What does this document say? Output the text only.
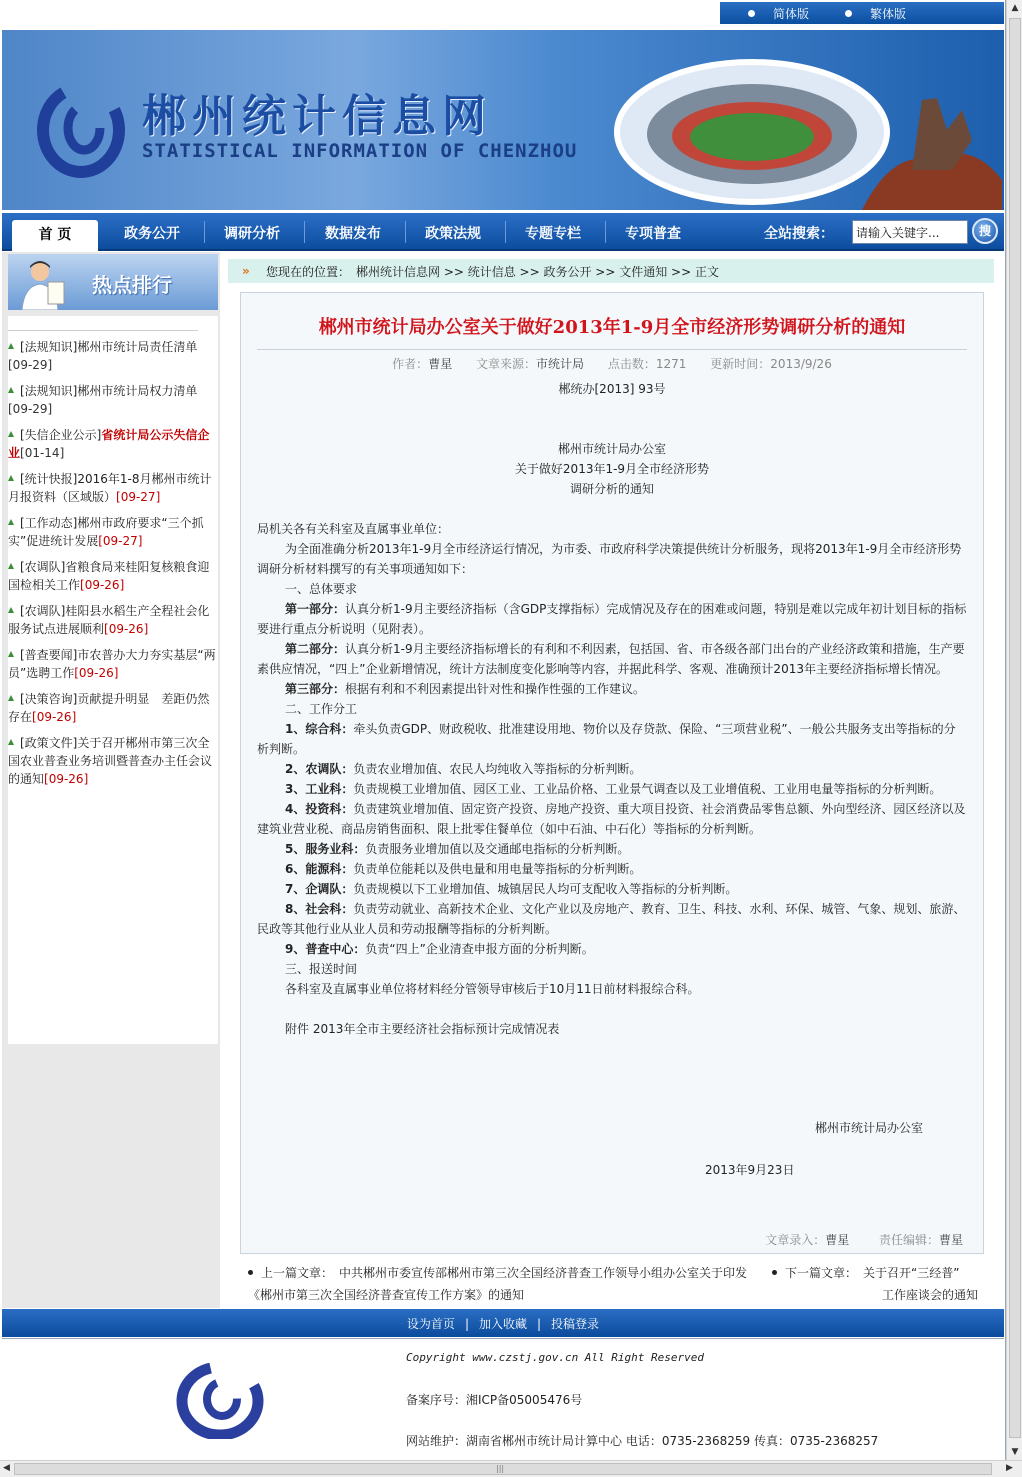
简体版	繁体版
郴州统计信息网
STATISTICAL INFORMATION OF CHENZHOU
首 页	政务公开	调研分析	数据发布	政策法规	专题专栏	专项普查	全站搜索：
请输入关键字...	搜
热点排行
[法规知识]郴州市统计局责任清单
[09-29]
[法规知识]郴州市统计局权力清单
[09-29]
[失信企业公示]省统计局公示失信企业[01-14]
[统计快报]2016年1-8月郴州市统计月报资料（区域版）[09-27]
[工作动态]郴州市政府要求“三个抓实”促进统计发展[09-27]
[农调队]省粮食局来桂阳复核粮食迎国检相关工作[09-26]
[农调队]桂阳县水稻生产全程社会化服务试点进展顺利[09-26]
[普查要闻]市农普办大力夯实基层“两员”选聘工作[09-26]
[决策咨询]贡献提升明显　差距仍然存在[09-26]
[政策文件]关于召开郴州市第三次全国农业普查业务培训暨普查办主任会议的通知[09-26]
» 您现在的位置：　郴州统计信息网 >> 统计信息 >> 政务公开 >> 文件通知 >> 正文
郴州市统计局办公室关于做好2013年1-9月全市经济形势调研分析的通知
作者：曹星 文章来源：市统计局 点击数：1271 更新时间：2013/9/26

郴统办[2013] 93号

郴州市统计局办公室

关于做好2013年1-9月全市经济形势

调研分析的通知

局机关各有关科室及直属事业单位：

为全面准确分析2013年1-9月全市经济运行情况，为市委、市政府科学决策提供统计分析服务，现将2013年1-9月全市经济形势调研分析材料撰写的有关事项通知如下：

一、总体要求

第一部分：认真分析1-9月主要经济指标（含GDP支撑指标）完成情况及存在的困难或问题，特别是难以完成年初计划目标的指标要进行重点分析说明（见附表）。

第二部分：认真分析1-9月主要经济指标增长的有利和不利因素，包括国、省、市各级各部门出台的产业经济政策和措施，生产要素供应情况，“四上”企业新增情况，统计方法制度变化影响等内容，并据此科学、客观、准确预计2013年主要经济指标增长情况。

第三部分：根据有利和不利因素提出针对性和操作性强的工作建议。

二、工作分工

1、综合科：牵头负责GDP、财政税收、批准建设用地、物价以及存贷款、保险、“三项营业税”、一般公共服务支出等指标的分析判断。

2、农调队：负责农业增加值、农民人均纯收入等指标的分析判断。

3、工业科：负责规模工业增加值、园区工业、工业品价格、工业景气调查以及工业增值税、工业用电量等指标的分析判断。

4、投资科：负责建筑业增加值、固定资产投资、房地产投资、重大项目投资、社会消费品零售总额、外向型经济、园区经济以及建筑业营业税、商品房销售面积、限上批零住餐单位（如中石油、中石化）等指标的分析判断。

5、服务业科：负责服务业增加值以及交通邮电指标的分析判断。

6、能源科：负责单位能耗以及供电量和用电量等指标的分析判断。

7、企调队：负责规模以下工业增加值、城镇居民人均可支配收入等指标的分析判断。

8、社会科：负责劳动就业、高新技术企业、文化产业以及房地产、教育、卫生、科技、水利、环保、城管、气象、规划、旅游、民政等其他行业从业人员和劳动报酬等指标的分析判断。

9、普查中心：负责“四上”企业清查申报方面的分析判断。

三、报送时间

各科室及直属事业单位将材料经分管领导审核后于10月11日前材料报综合科。

附件 2013年全市主要经济社会指标预计完成情况表

郴州市统计局办公室
2013年9月23日
文章录入：曹星 责任编辑：曹星
上一篇文章：　 中共郴州市委宣传部郴州市第三次全国经济普查工作领导小组办公室关于印发
《郴州市第三次全国经济普查宣传工作方案》的通知
下一篇文章：　 关于召开“三经普”

工作座谈会的通知
设为首页 | 加入收藏 | 投稿登录
Copyright www.czstj.gov.cn All Right Reserved
备案序号：湘ICP备05005476号
网站维护：湖南省郴州市统计局计算中心 电话：0735-2368259 传真：0735-2368257
▲
▼
◀	|||	▶
